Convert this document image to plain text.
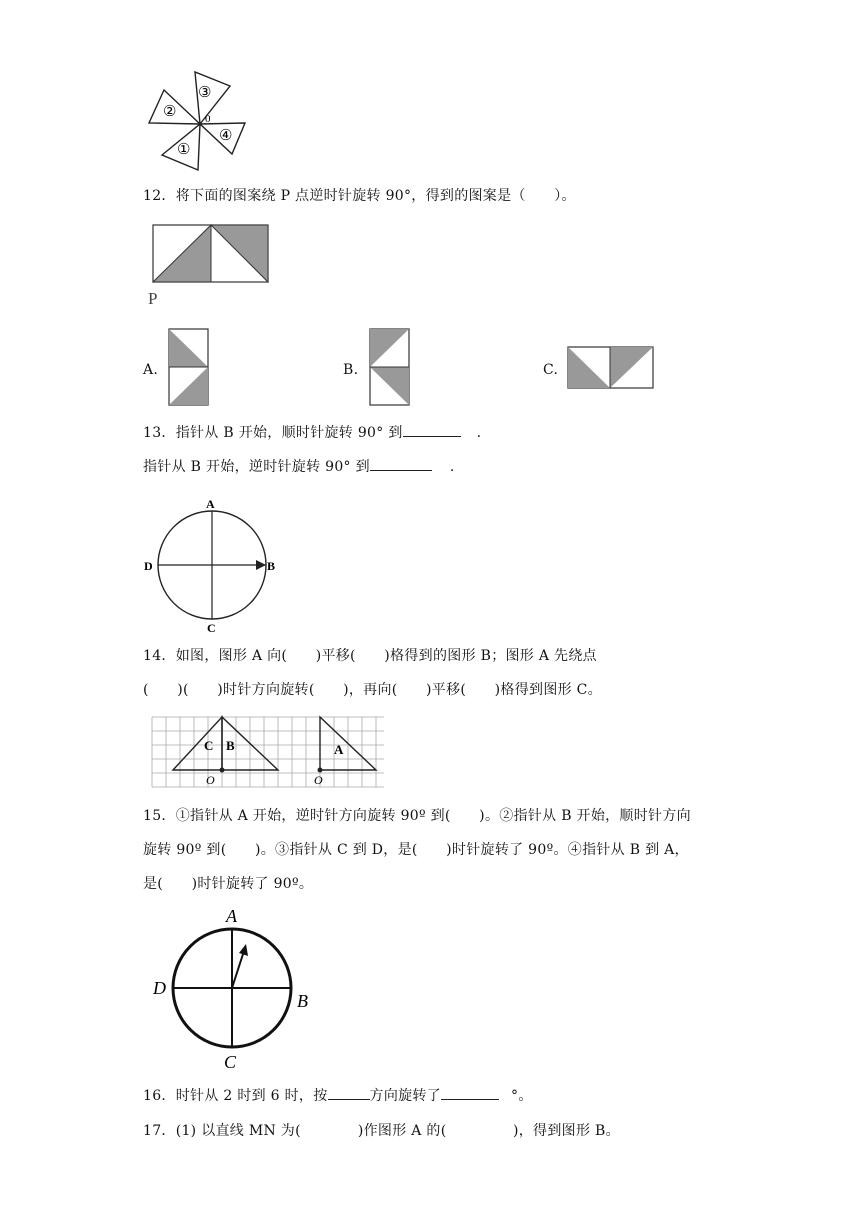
②
③
④
①
0
12．将下面的图案绕 P 点逆时针旋转 90°，得到的图案是（      ）。
P
A.	B.	C.
13．指针从 B 开始，顺时针旋转 90° 到	.
指针从 B 开始，逆时针旋转 90° 到	.
A
B
C
D
14．如图，图形 A 向(      )平移(      )格得到的图形 B；图形 A 先绕点
(      )(      )时针方向旋转(      )，再向(      )平移(      )格得到图形 C。
C B	A
O	O
15．①指针从 A 开始，逆时针方向旋转 90º 到(      )。②指针从 B 开始，顺时针方向
旋转 90º 到(      )。③指针从 C 到 D，是(      )时针旋转了 90º。④指针从 B 到 A，
是(      )时针旋转了 90º。
A
B
C
D
16．时针从 2 时到 6 时，按	方向旋转了	°。
17．(1) 以直线 MN 为(            )作图形 A 的(              )，得到图形 B。
